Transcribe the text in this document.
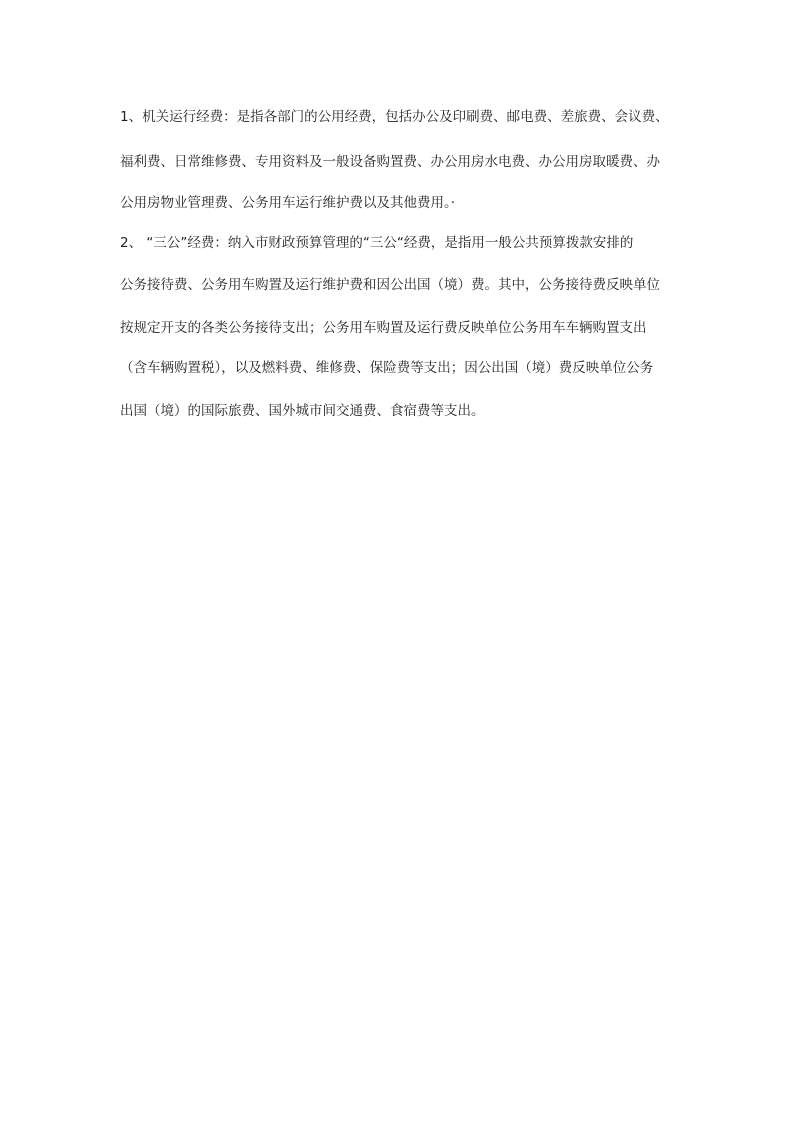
1、机关运行经费：是指各部门的公用经费，包括办公及印刷费、邮电费、差旅费、会议费、
福利费、日常维修费、专用资料及一般设备购置费、办公用房水电费、办公用房取暖费、办
公用房物业管理费、公务用车运行维护费以及其他费用。·
2、 “三公”经费：纳入市财政预算管理的“三公“经费，是指用一般公共预算拨款安排的
公务接待费、公务用车购置及运行维护费和因公出国（境）费。其中，公务接待费反映单位
按规定开支的各类公务接待支出；公务用车购置及运行费反映单位公务用车车辆购置支出
（含车辆购置税），以及燃料费、维修费、保险费等支出；因公出国（境）费反映单位公务
出国（境）的国际旅费、国外城市间交通费、食宿费等支出。
